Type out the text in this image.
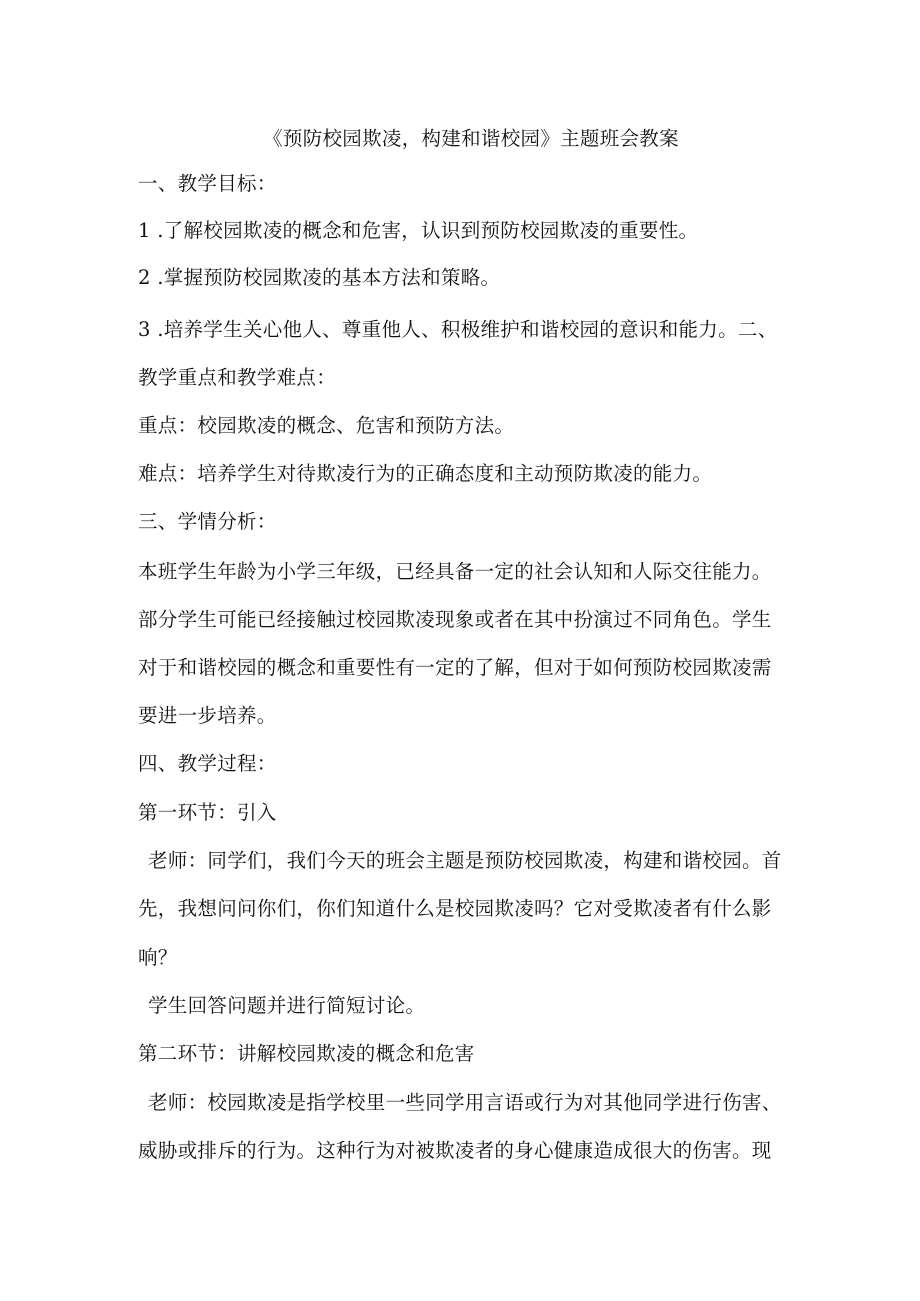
《预防校园欺凌，构建和谐校园》主题班会教案
一、教学目标：
1 .了解校园欺凌的概念和危害，认识到预防校园欺凌的重要性。
2 .掌握预防校园欺凌的基本方法和策略。
3 .培养学生关心他人、尊重他人、积极维护和谐校园的意识和能力。二、
教学重点和教学难点：
重点：校园欺凌的概念、危害和预防方法。
难点：培养学生对待欺凌行为的正确态度和主动预防欺凌的能力。
三、学情分析：
本班学生年龄为小学三年级，已经具备一定的社会认知和人际交往能力。
部分学生可能已经接触过校园欺凌现象或者在其中扮演过不同角色。学生
对于和谐校园的概念和重要性有一定的了解，但对于如何预防校园欺凌需
要进一步培养。
四、教学过程：
第一环节：引入
老师：同学们，我们今天的班会主题是预防校园欺凌，构建和谐校园。首
先，我想问问你们，你们知道什么是校园欺凌吗？它对受欺凌者有什么影
响？
学生回答问题并进行简短讨论。
第二环节：讲解校园欺凌的概念和危害
老师：校园欺凌是指学校里一些同学用言语或行为对其他同学进行伤害、
威胁或排斥的行为。这种行为对被欺凌者的身心健康造成很大的伤害。现
